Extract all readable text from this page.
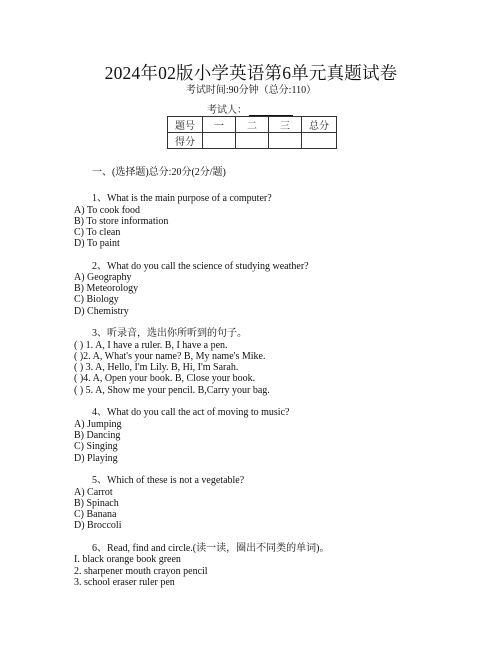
2024年02版小学英语第6单元真题试卷
考试时间:90分钟（总分:110）
考试人：
题号	一	二	三	总分
得分				
一、(选择题)总分:20分(2分/题)
1、What is the main purpose of a computer?
A) To cook food
B) To store information
C) To clean
D) To paint
2、What do you call the science of studying weather?
A) Geography
B) Meteorology
C) Biology
D) Chemistry
3、听录音，选出你所听到的句子。
( ) 1. A, I have a ruler. B, I have a pen.
( )2. A, What's your name? B, My name's Mike.
( ) 3. A, Hello, I'm Lily. B, Hi, I'm Sarah.
( )4. A, Open your book. B, Close your book.
( ) 5. A, Show me your pencil. B,Carry your bag.
4、What do you call the act of moving to music?
A) Jumping
B) Dancing
C) Singing
D) Playing
5、Which of these is not a vegetable?
A) Carrot
B) Spinach
C) Banana
D) Broccoli
6、Read, find and circle.(读一读，圈出不同类的单词)。
I. black orange book green
2. sharpener mouth crayon pencil
3. school eraser ruler pen
